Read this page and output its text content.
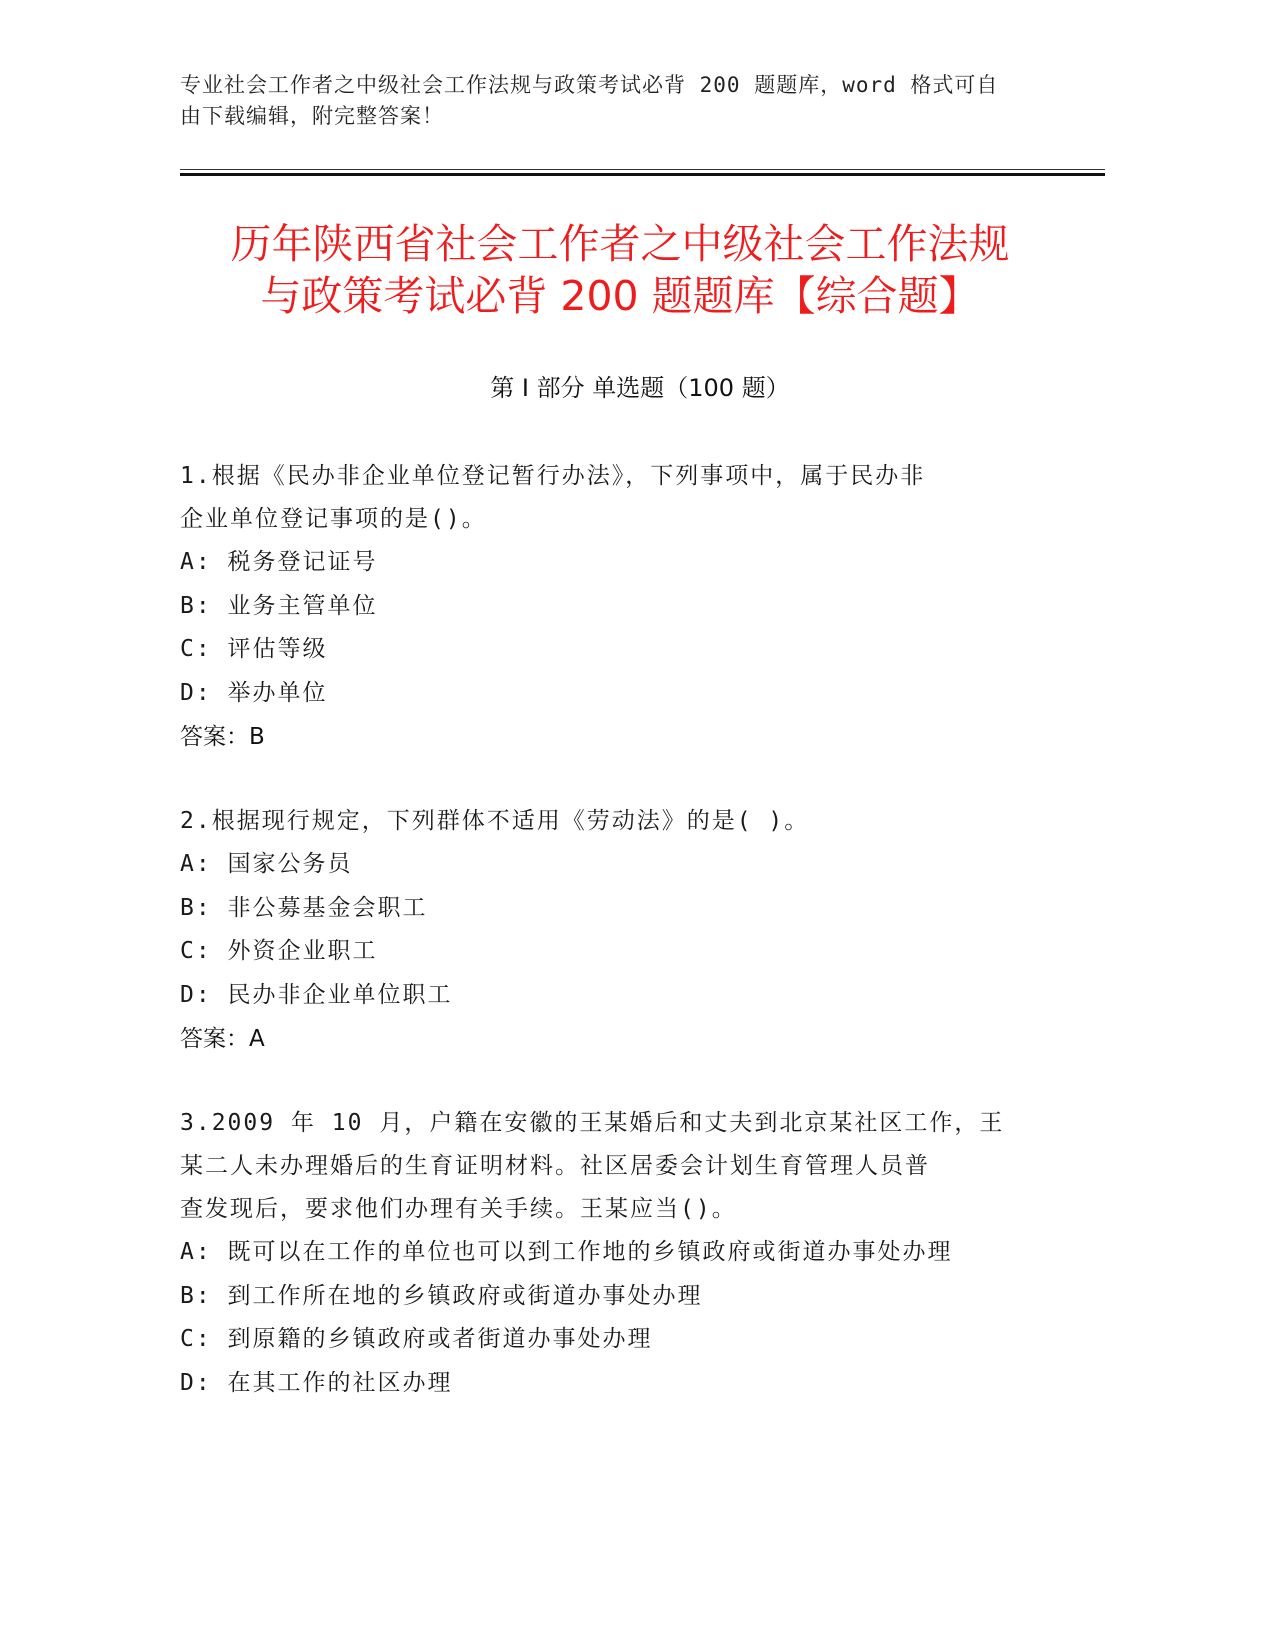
专业社会工作者之中级社会工作法规与政策考试必背 200 题题库，word 格式可自
由下载编辑，附完整答案！
历年陕西省社会工作者之中级社会工作法规
与政策考试必背 200 题题库【综合题】
第 I 部分 单选题（100 题）
1.根据《民办非企业单位登记暂行办法》，下列事项中，属于民办非
企业单位登记事项的是()。
A: 税务登记证号
B: 业务主管单位
C: 评估等级
D: 举办单位
答案：B
2.根据现行规定，下列群体不适用《劳动法》的是( )。
A: 国家公务员
B: 非公募基金会职工
C: 外资企业职工
D: 民办非企业单位职工
答案：A
3.2009 年 10 月，户籍在安徽的王某婚后和丈夫到北京某社区工作，王
某二人未办理婚后的生育证明材料。社区居委会计划生育管理人员普
查发现后，要求他们办理有关手续。王某应当()。
A: 既可以在工作的单位也可以到工作地的乡镇政府或街道办事处办理
B: 到工作所在地的乡镇政府或街道办事处办理
C: 到原籍的乡镇政府或者街道办事处办理
D: 在其工作的社区办理
